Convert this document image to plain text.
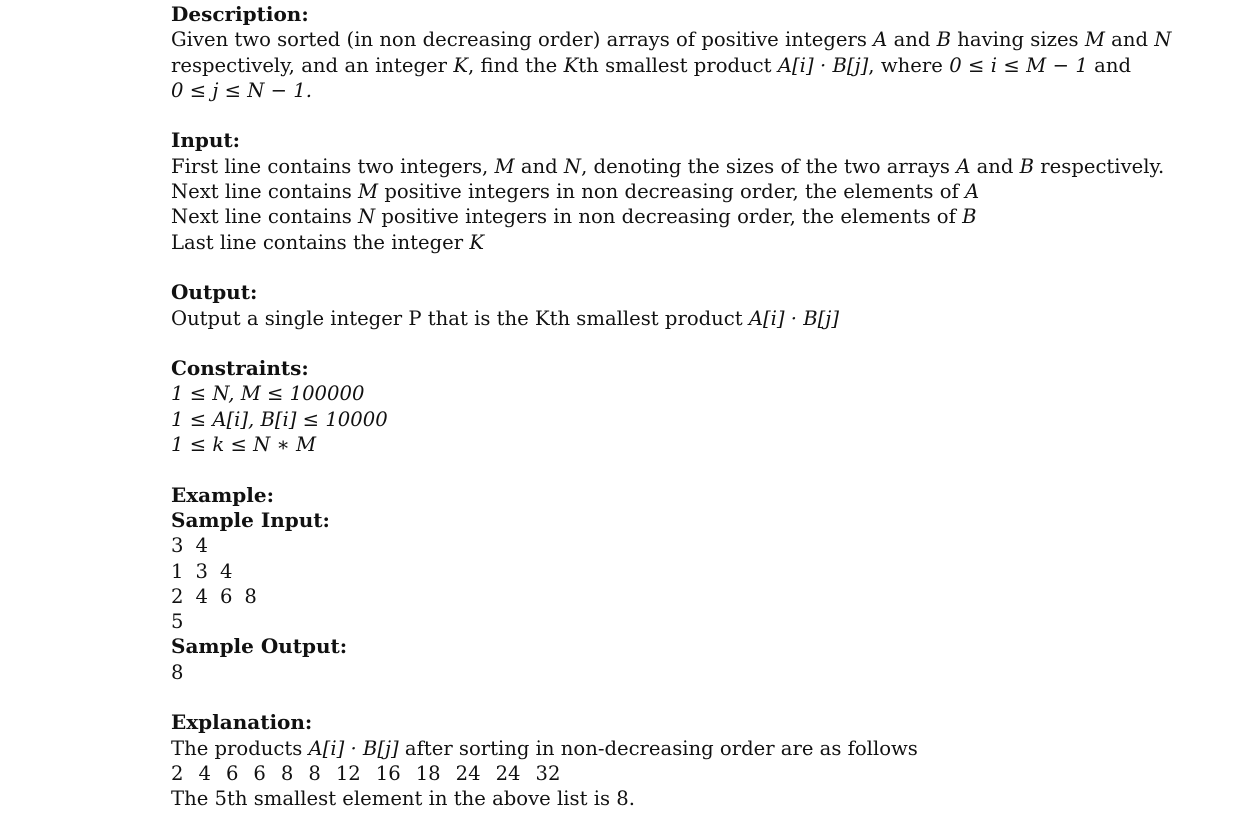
Description:
Given two sorted (in non decreasing order) arrays of positive integers A and B having sizes M and N
respectively, and an integer K, find the Kth smallest product A[i] · B[j], where 0 ≤ i ≤ M − 1 and
0 ≤ j ≤ N − 1.
Input:
First line contains two integers, M and N, denoting the sizes of the two arrays A and B respectively.
Next line contains M positive integers in non decreasing order, the elements of A
Next line contains N positive integers in non decreasing order, the elements of B
Last line contains the integer K
Output:
Output a single integer P that is the Kth smallest product A[i] · B[j]
Constraints:
1 ≤ N, M ≤ 100000
1 ≤ A[i], B[i] ≤ 10000
1 ≤ k ≤ N ∗ M
Example:
Sample Input:
3 4
1 3 4
2 4 6 8
5
Sample Output:
8
Explanation:
The products A[i] · B[j] after sorting in non-decreasing order are as follows
2 4 6 6 8 8 12 16 18 24 24 32
The 5th smallest element in the above list is 8.
